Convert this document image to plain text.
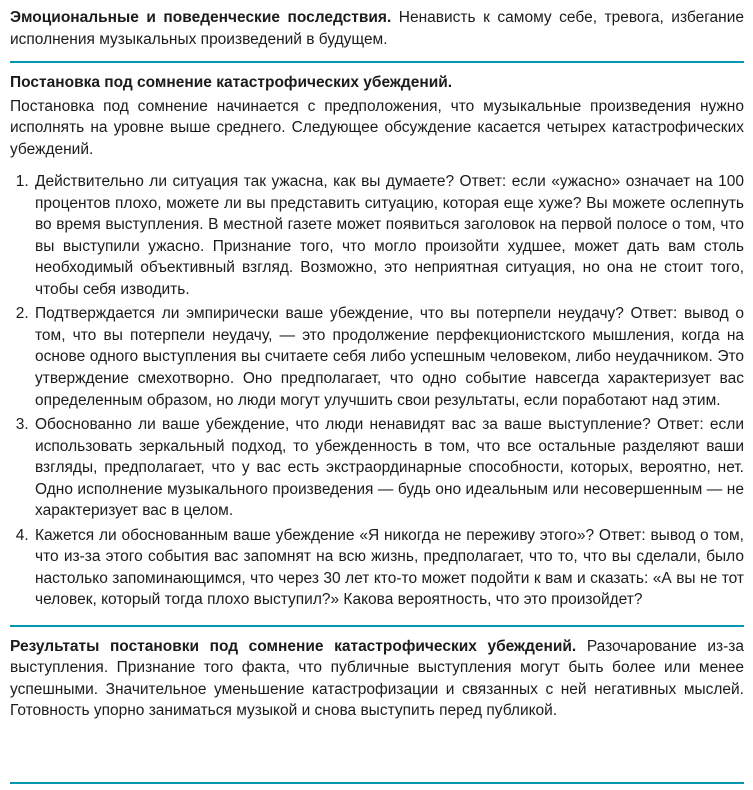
Эмоциональные и поведенческие последствия. Ненависть к самому себе, тревога, избегание исполнения музыкальных произведений в будущем.

Постановка под сомнение катастрофических убеждений.

Постановка под сомнение начинается с предположения, что музыкальные произведения нужно исполнять на уровне выше среднего. Следующее обсуждение касается четырех катастрофических убеждений.

1. Действительно ли ситуация так ужасна, как вы думаете? Ответ: если «ужасно» означает на 100 процентов плохо, можете ли вы представить ситуацию, которая еще хуже? Вы можете ослепнуть во время выступления. В местной газете может появиться заголовок на первой полосе о том, что вы выступили ужасно. Признание того, что могло произойти худшее, может дать вам столь необходимый объективный взгляд. Возможно, это неприятная ситуация, но она не стоит того, чтобы себя изводить.
2. Подтверждается ли эмпирически ваше убеждение, что вы потерпели неудачу? Ответ: вывод о том, что вы потерпели неудачу, — это продолжение перфекционистского мышления, когда на основе одного выступления вы считаете себя либо успешным человеком, либо неудачником. Это утверждение смехотворно. Оно предполагает, что одно событие навсегда характеризует вас определенным образом, но люди могут улучшить свои результаты, если поработают над этим.
3. Обоснованно ли ваше убеждение, что люди ненавидят вас за ваше выступление? Ответ: если использовать зеркальный подход, то убежденность в том, что все остальные разделяют ваши взгляды, предполагает, что у вас есть экстраординарные способности, которых, вероятно, нет. Одно исполнение музыкального произведения — будь оно идеальным или несовершенным — не характеризует вас в целом.
4. Кажется ли обоснованным ваше убеждение «Я никогда не переживу этого»? Ответ: вывод о том, что из-за этого события вас запомнят на всю жизнь, предполагает, что то, что вы сделали, было настолько запоминающимся, что через 30 лет кто-то может подойти к вам и сказать: «А вы не тот человек, который тогда плохо выступил?» Какова вероятность, что это произойдет?

Результаты постановки под сомнение катастрофических убеждений. Разочарование из-за выступления. Признание того факта, что публичные выступления могут быть более или менее успешными. Значительное уменьшение катастрофизации и связанных с ней негативных мыслей. Готовность упорно заниматься музыкой и снова выступить перед публикой.
